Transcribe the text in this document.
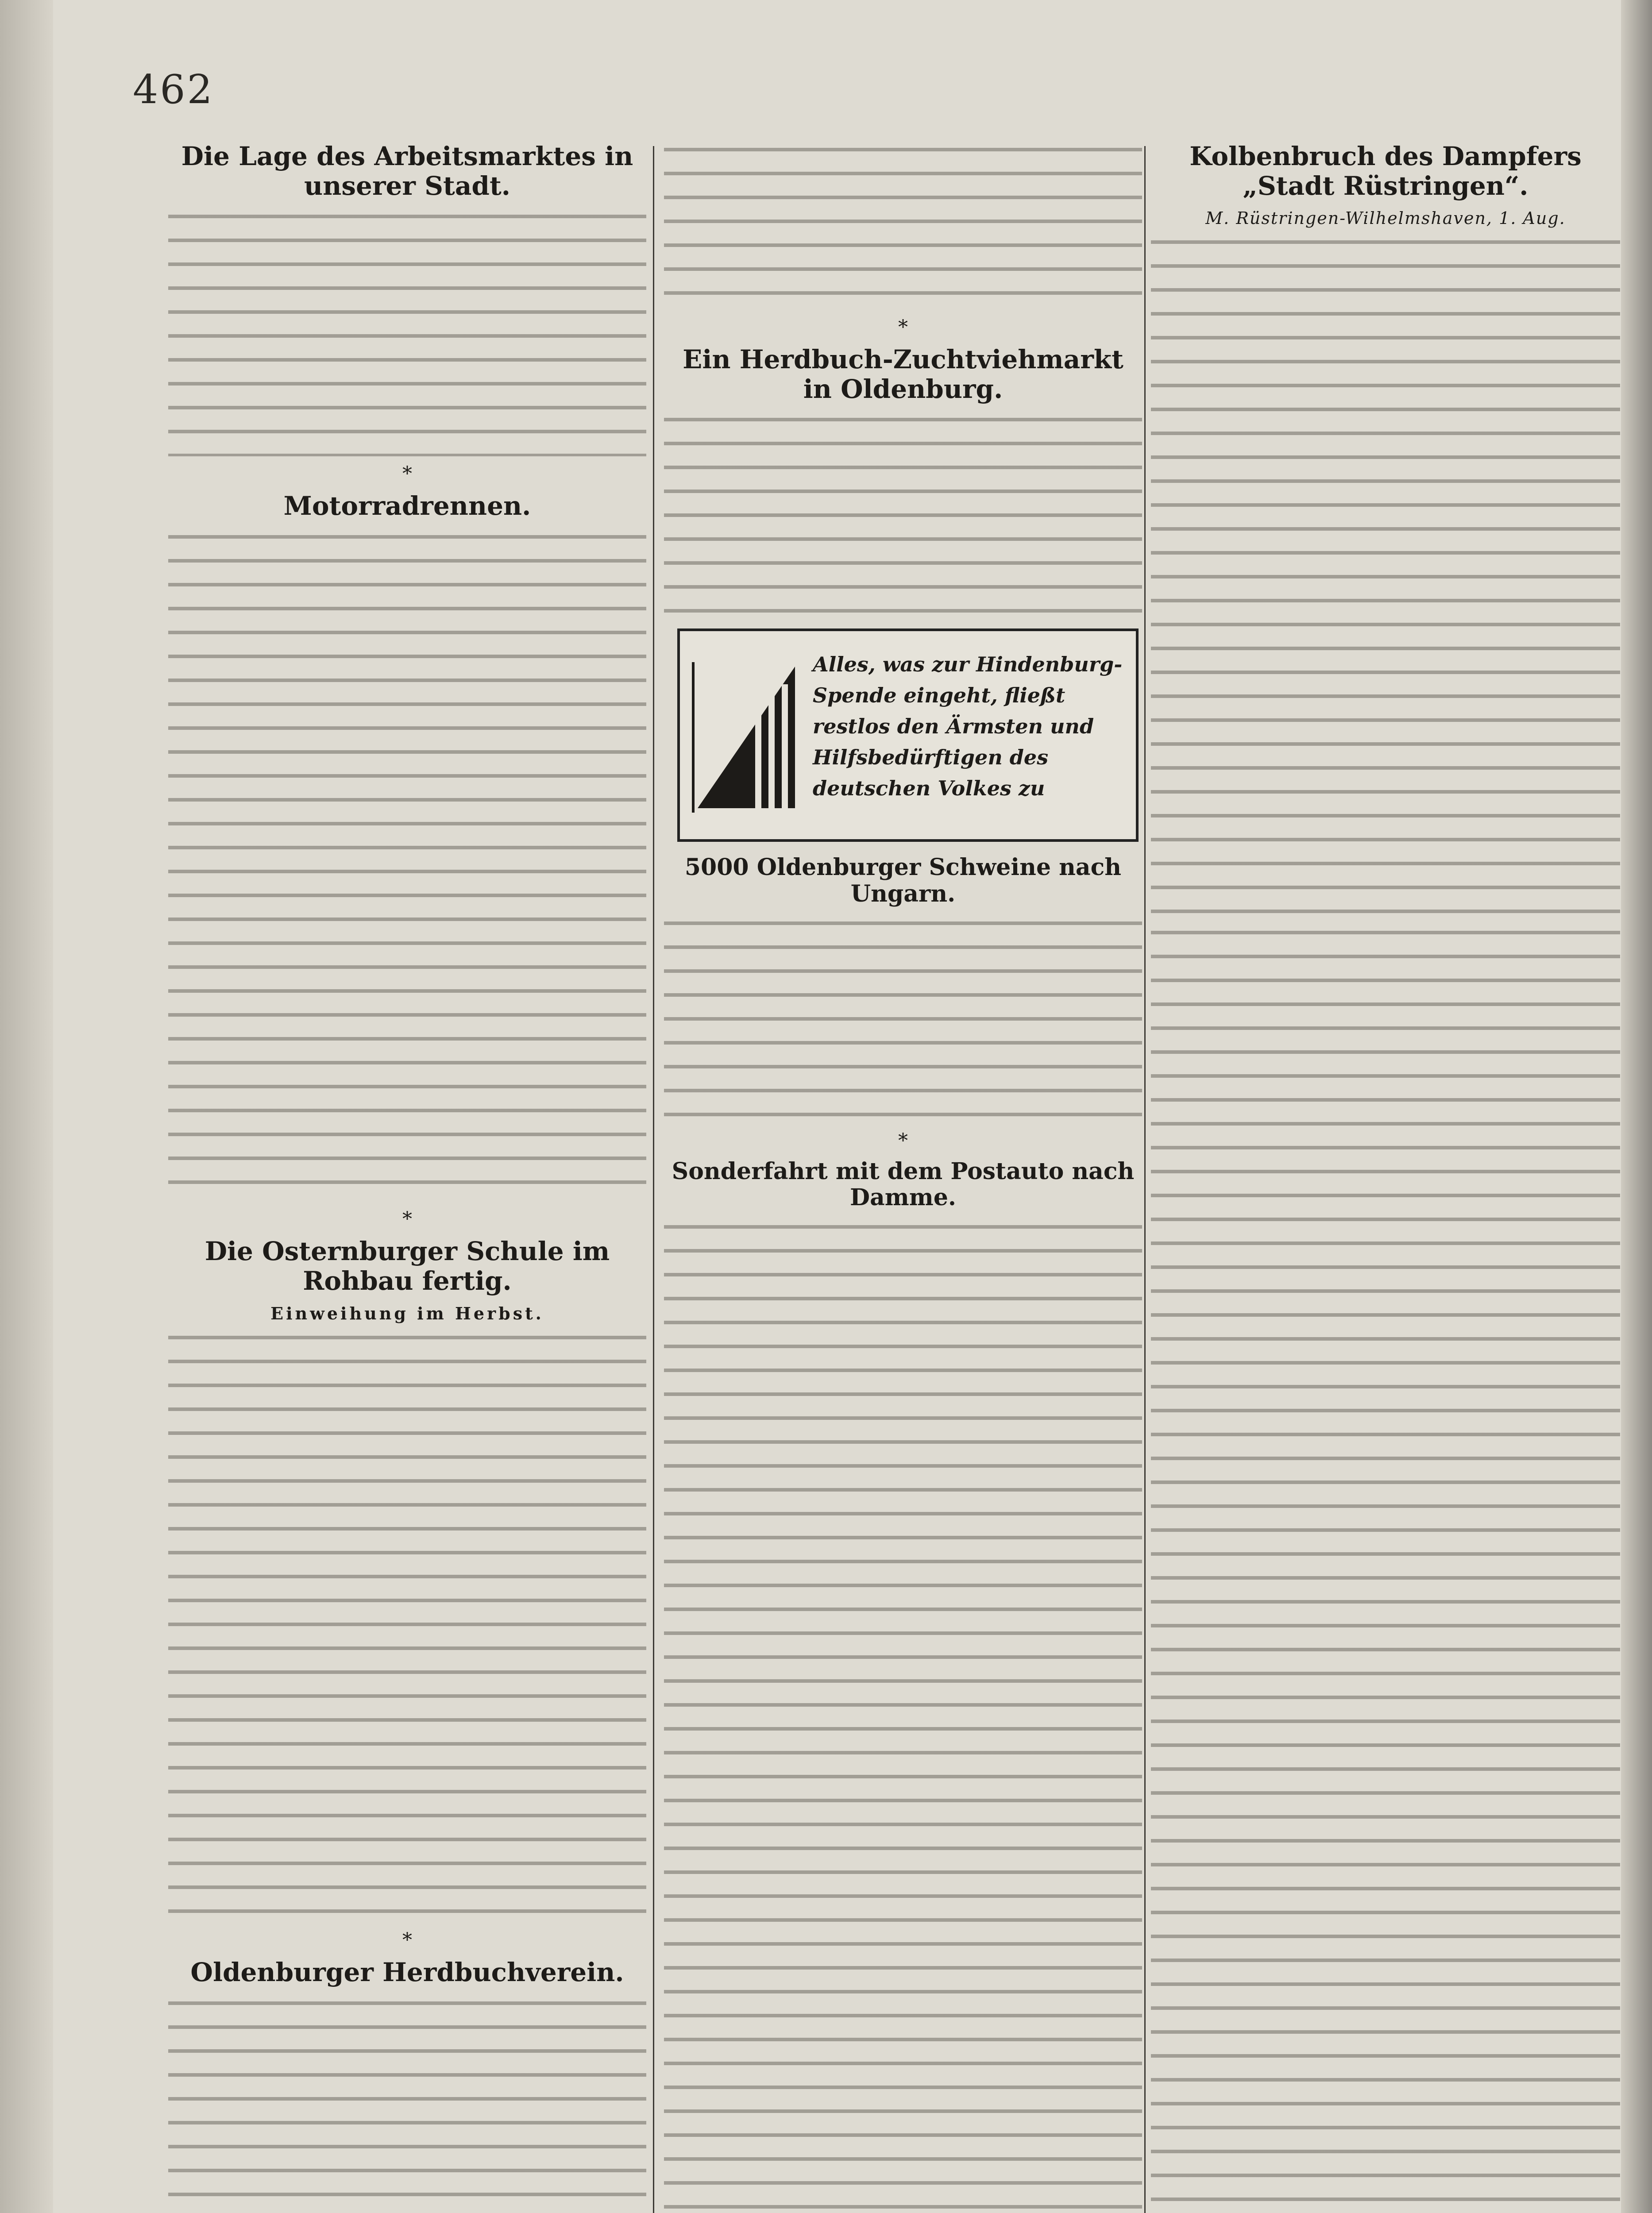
462
Die Lage des Arbeitsmarktes in unserer Stadt.
*
Motorradrennen.
*
Die Osternburger Schule im Rohbau fertig.
Einweihung im Herbst.
*
Oldenburger Herdbuchverein.
*
Ein Herdbuch-Zuchtviehmarkt in Oldenburg.
Alles, was zur Hindenburg-Spende eingeht, fließt restlos den Ärmsten und Hilfsbedürftigen des deutschen Volkes zu
5000 Oldenburger Schweine nach Ungarn.
*
Sonderfahrt mit dem Postauto nach Damme.
Kolbenbruch des Dampfers „Stadt Rüstringen“.
M. Rüstringen-Wilhelmshaven, 1. Aug.
